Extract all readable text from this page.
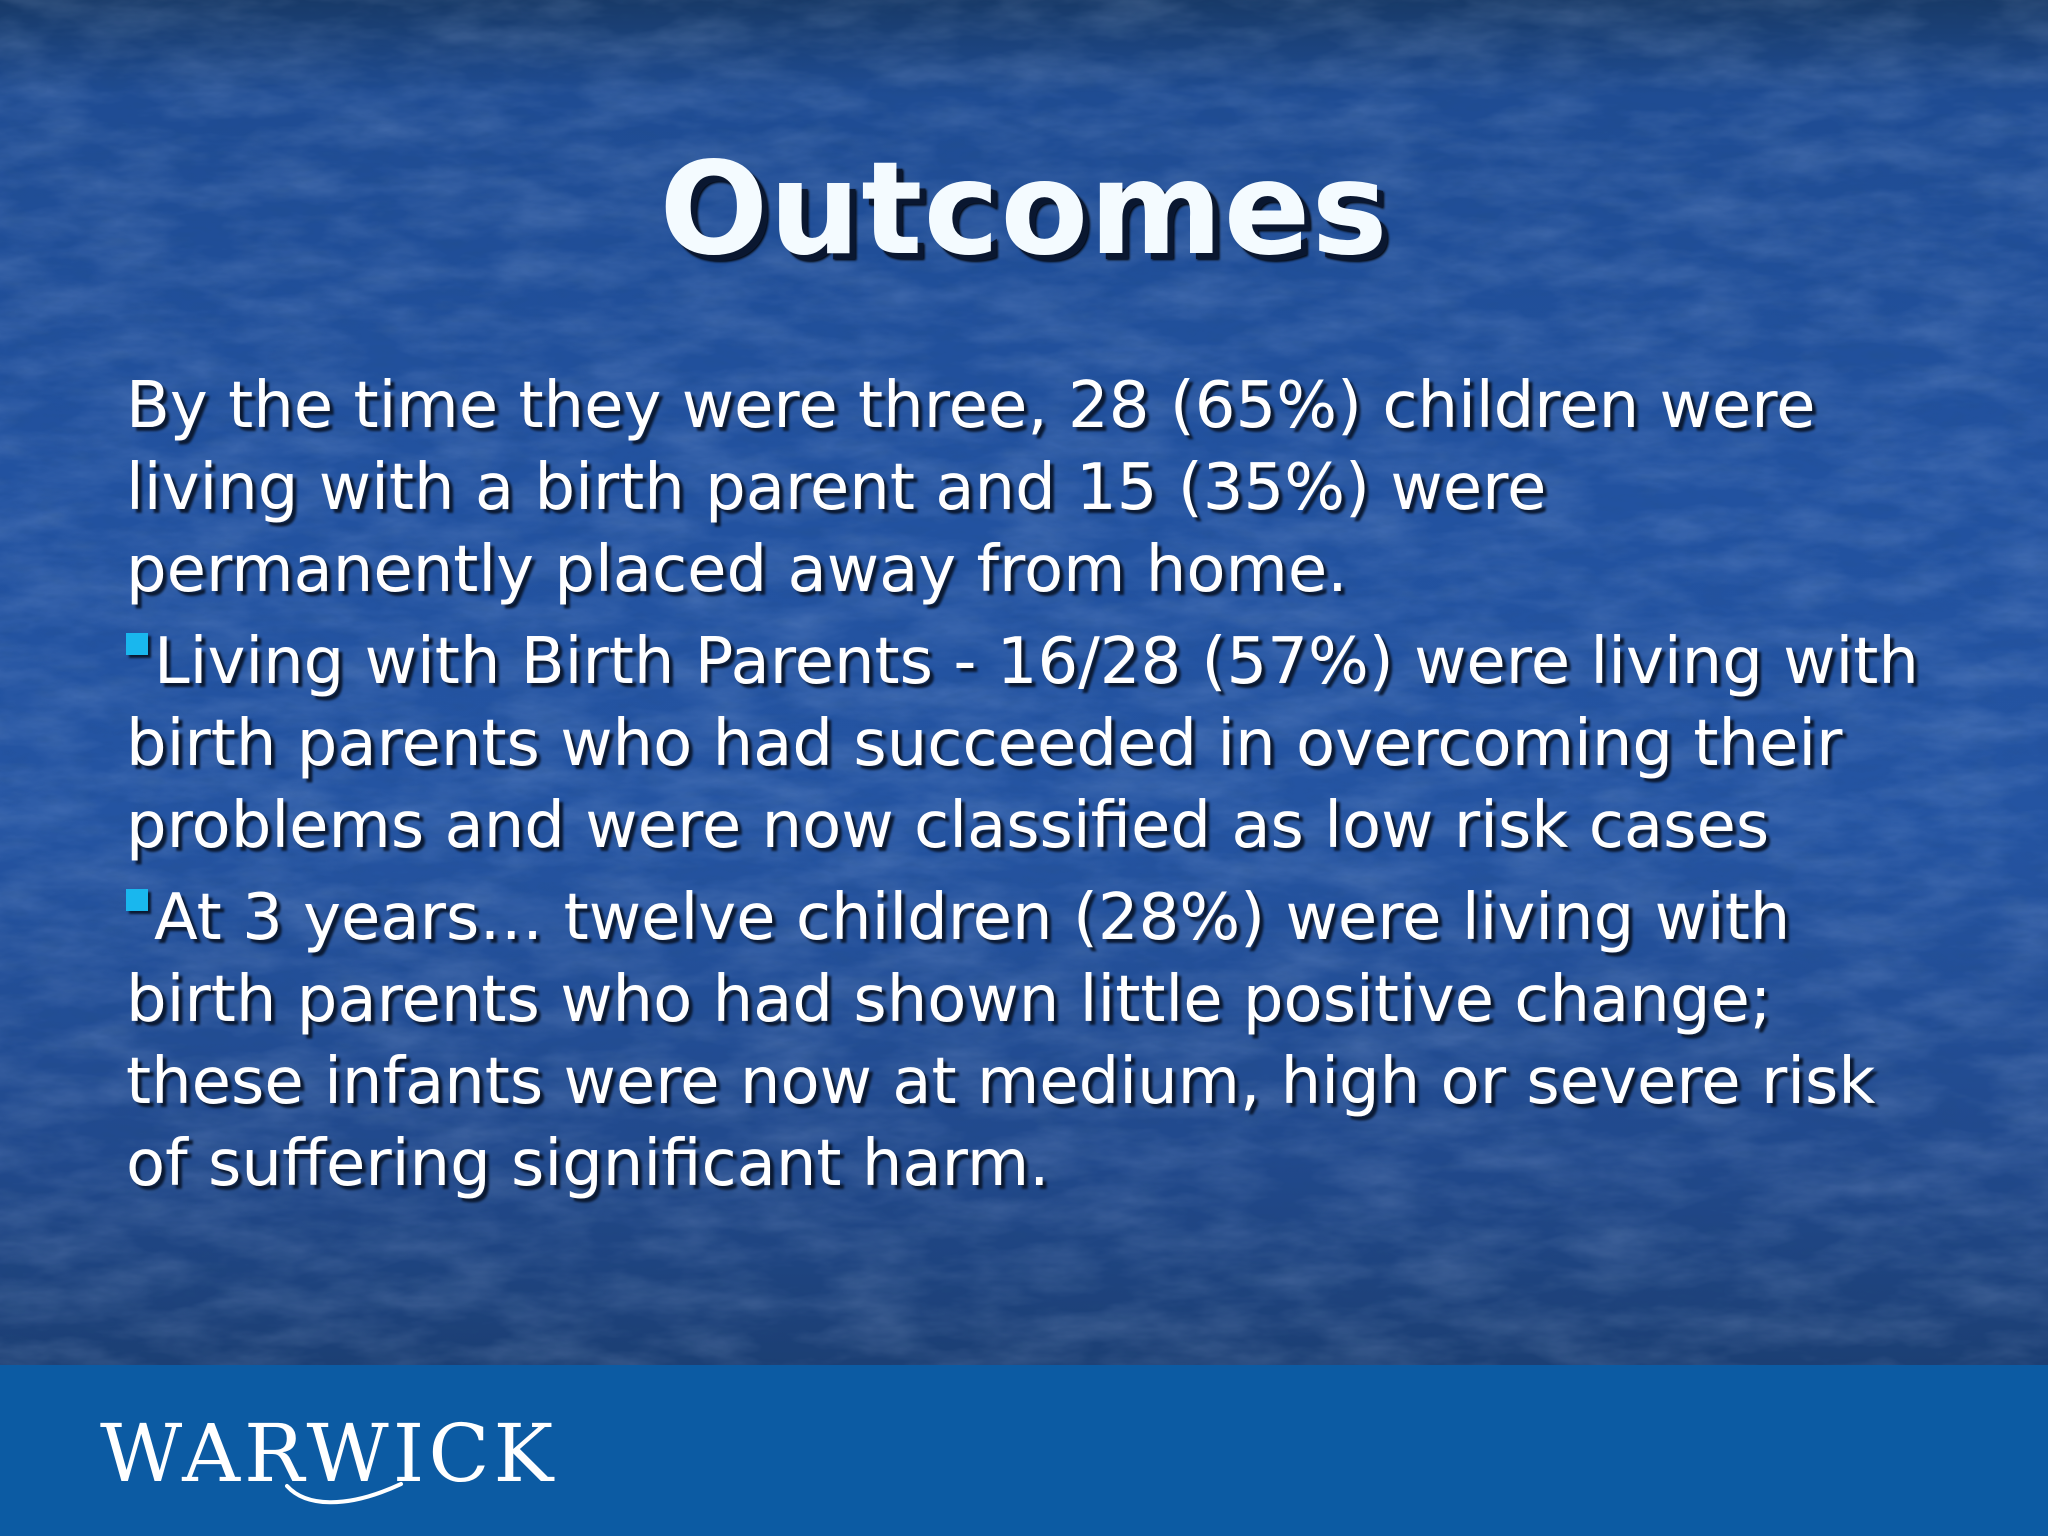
Outcomes

By the time they were three, 28 (65%) children were living with a birth parent and 15 (35%) were permanently placed away from home.

Living with Birth Parents - 16/28 (57%) were living with birth parents who had succeeded in overcoming their problems and were now classified as low risk cases

At 3 years… twelve children (28%) were living with birth parents who had shown little positive change; these infants were now at medium, high or severe risk of suffering significant harm.

WARWICK
